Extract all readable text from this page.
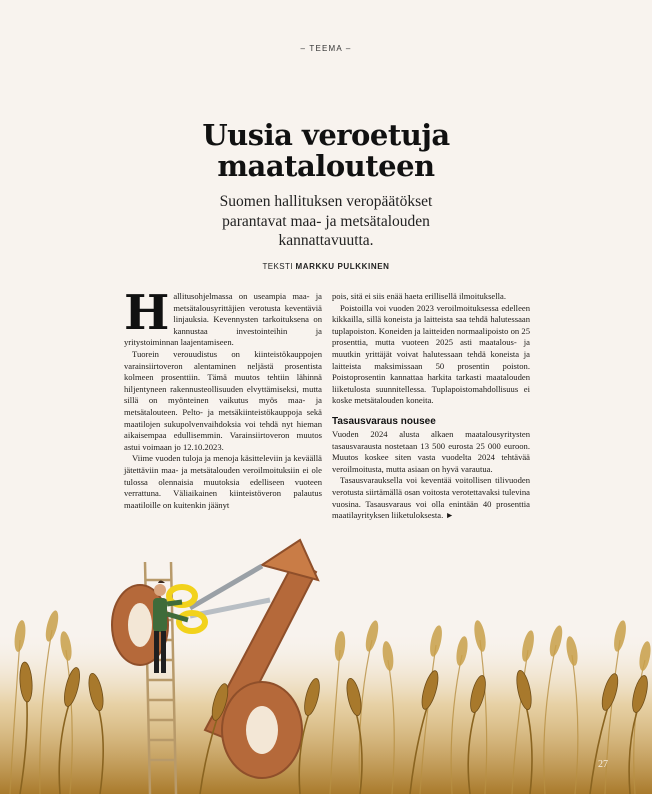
– TEEMA –
Uusia veroetuja maatalouteen
Suomen hallituksen veropäätökset parantavat maa- ja metsätalouden kannattavuutta.
TEKSTI MARKKU PULKKINEN

Hallitusohjelmassa on useampia maa- ja metsätalousyrittäjien verotusta keventäviä linjauksia. Kevennysten tarkoituksena on kannustaa investointeihin ja yritystoiminnan laajentamiseen.

Tuorein verouudistus on kiinteistökauppojen varainsiirtoveron alentaminen neljästä prosentista kolmeen prosenttiin. Tämä muutos tehtiin lähinnä hiljentyneen rakennusteollisuuden elvyttämiseksi, mutta sillä on myönteinen vaikutus myös maa- ja metsätalouteen. Pelto- ja metsäkiinteistökauppoja sekä maatilojen sukupolvenvaihdoksia voi tehdä nyt hieman aikaisempaa edullisemmin. Varainsiirtoveron muutos astui voimaan jo 12.10.2023.

Viime vuoden tuloja ja menoja käsitteleviin ja keväällä jätettäviin maa- ja metsätalouden veroilmoituksiin ei ole tulossa olennaisia muutoksia edelliseen vuoteen verrattuna. Väliaikainen kiinteistöveron palautus maatiloille on kuitenkin jäänyt

pois, sitä ei siis enää haeta erillisellä ilmoituksella.

Poistoilla voi vuoden 2023 veroilmoituksessa edelleen kikkailla, sillä koneista ja laitteista saa tehdä halutessaan tuplapoiston. Koneiden ja laitteiden normaalipoisto on 25 prosenttia, mutta vuoteen 2025 asti maatalous- ja muutkin yrittäjät voivat halutessaan tehdä koneista ja laitteista maksimissaan 50 prosentin poiston. Poistoprosentin kannattaa harkita tarkasti maatalouden liiketulosta suunnitellessa. Tuplapoistomahdollisuus ei koske metsätalouden koneita.

Tasausvaraus nousee

Vuoden 2024 alusta alkaen maatalousyritysten tasausvarausta nostetaan 13 500 eurosta 25 000 euroon. Muutos koskee siten vasta vuodelta 2024 tehtävää veroilmoitusta, mutta asiaan on hyvä varautua.

Tasausvarauksella voi keventää voitollisen tilivuoden verotusta siirtämällä osan voitosta verotettavaksi tulevina vuosina. Tasausvaraus voi olla enintään 40 prosenttia maatilayrityksen liiketuloksesta. ►

27
